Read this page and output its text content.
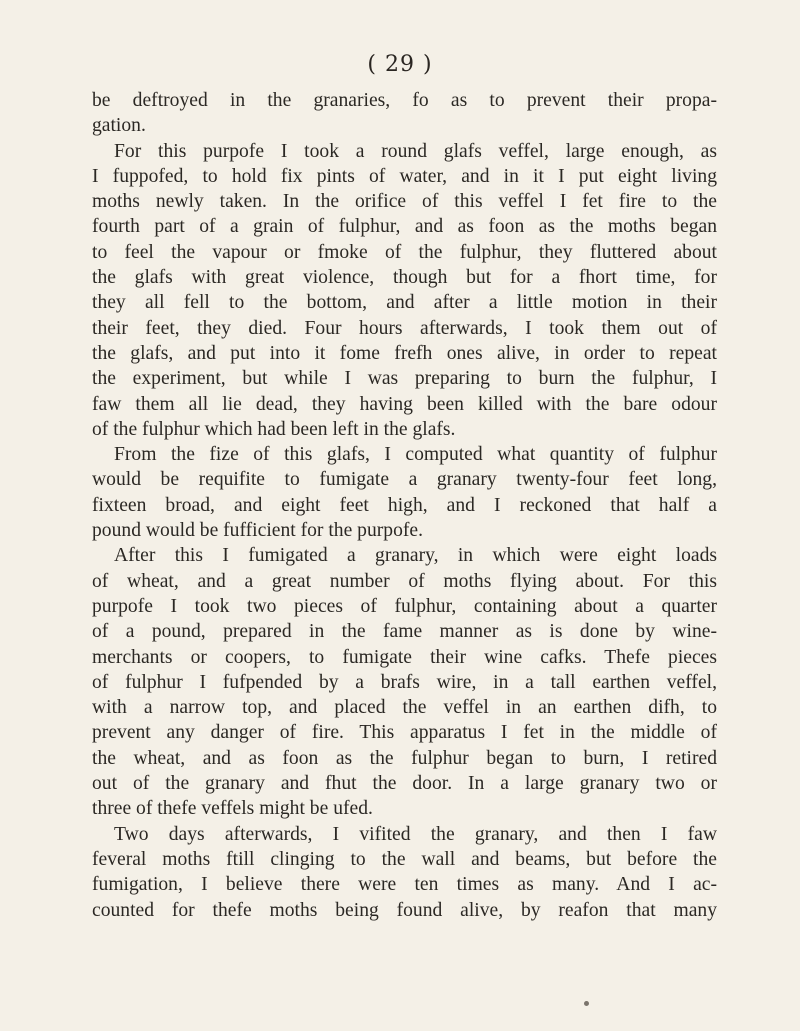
( 29 )
be deftroyed in the granaries, fo as to prevent their propa-
gation.
For this purpofe I took a round glafs veffel, large enough, as
I fuppofed, to hold fix pints of water, and in it I put eight living
moths newly taken. In the orifice of this veffel I fet fire to the
fourth part of a grain of fulphur, and as foon as the moths began
to feel the vapour or fmoke of the fulphur, they fluttered about
the glafs with great violence, though but for a fhort time, for
they all fell to the bottom, and after a little motion in their
their feet, they died. Four hours afterwards, I took them out of
the glafs, and put into it fome frefh ones alive, in order to repeat
the experiment, but while I was preparing to burn the fulphur, I
faw them all lie dead, they having been killed with the bare odour
of the fulphur which had been left in the glafs.
From the fize of this glafs, I computed what quantity of fulphur
would be requifite to fumigate a granary twenty-four feet long,
fixteen broad, and eight feet high, and I reckoned that half a
pound would be fufficient for the purpofe.
After this I fumigated a granary, in which were eight loads
of wheat, and a great number of moths flying about. For this
purpofe I took two pieces of fulphur, containing about a quarter
of a pound, prepared in the fame manner as is done by wine-
merchants or coopers, to fumigate their wine cafks. Thefe pieces
of fulphur I fufpended by a brafs wire, in a tall earthen veffel,
with a narrow top, and placed the veffel in an earthen difh, to
prevent any danger of fire. This apparatus I fet in the middle of
the wheat, and as foon as the fulphur began to burn, I retired
out of the granary and fhut the door. In a large granary two or
three of thefe veffels might be ufed.
Two days afterwards, I vifited the granary, and then I faw
feveral moths ftill clinging to the wall and beams, but before the
fumigation, I believe there were ten times as many. And I ac-
counted for thefe moths being found alive, by reafon that many
